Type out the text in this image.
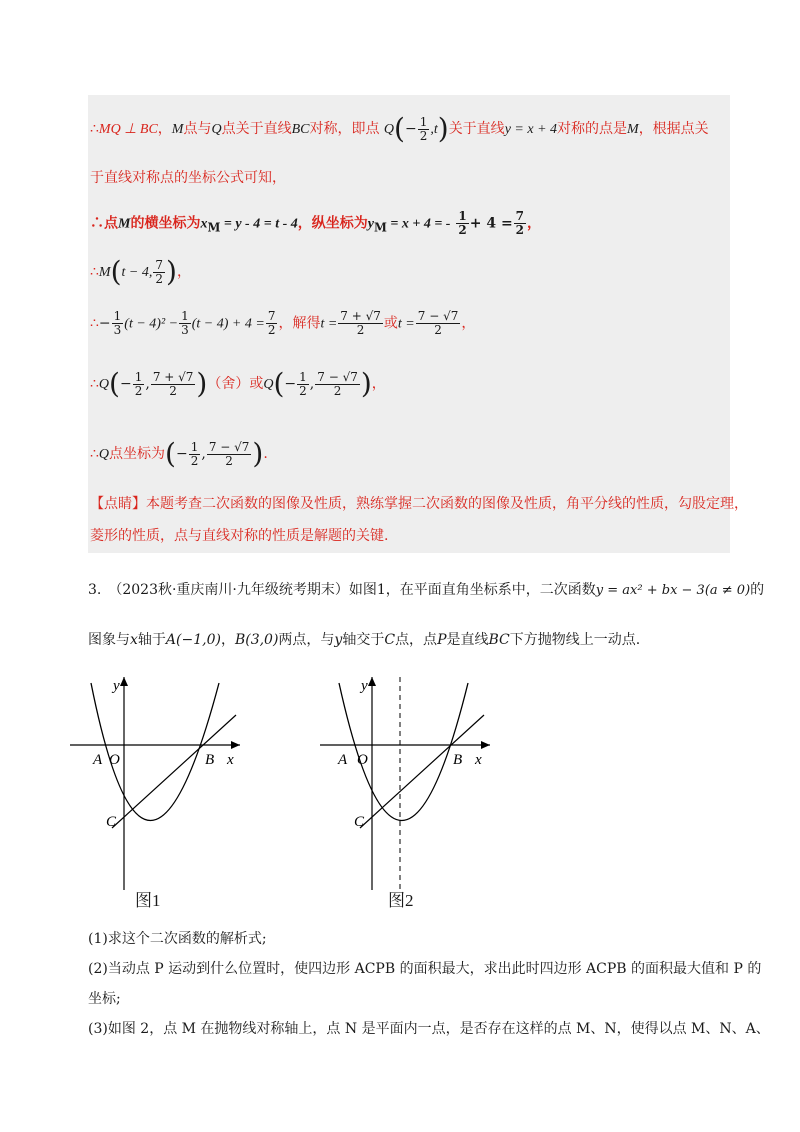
∴MQ ⊥ BC，M点与Q点关于直线BC对称，即点 $Q(- \frac{1}{2} ,t)$关于直线y = x + 4对称的点是M，根据点关
于直线对称点的坐标公式可知，
∴点M的横坐标为$x_M = y - 4 = t - 4$，纵坐标为$y_M = x + 4$ = - $\frac{1}{2} + 4 = \frac{7}{2}$ ，
∴M(t − 4, $\frac{7}{2}$ )，
∴− $\frac{1}{3} (t - 4)^2 - \frac{1}{3} (t - 4) + 4 = \frac{7}{2}$ ，解得$t = \frac{7 + √7}{2}$ 或$t = \frac{7 - √7}{2}$ ，
∴Q(− $\frac{1}{2}$ , $\frac{7 + √7}{2}$ )（舍）或$Q(- \frac{1}{2}$ , $\frac{7 - √7}{2}$ )，
∴Q点坐标为(− $\frac{1}{2}$ , $\frac{7 - √7}{2}$ ).
【点睛】本题考查二次函数的图像及性质，熟练掌握二次函数的图像及性质，角平分线的性质，勾股定理，
菱形的性质，点与直线对称的性质是解题的关键.
3.　（2023秋·重庆南川·九年级统考期末）如图1，在平面直角坐标系中，二次函数y = ax² + bx − 3(a ≠ 0)的
图象与x轴于A(−1,0)，B(3,0)两点，与y轴交于C点，点P是直线BC下方抛物线上一动点.
y
x
A O	B
C
图1
y
x
A O	B
C
图2
(1)求这个二次函数的解析式;
(2)当动点 P 运动到什么位置时，使四边形 ACPB 的面积最大，求出此时四边形 ACPB 的面积最大值和 P 的
坐标;
(3)如图 2，点 M 在抛物线对称轴上，点 N 是平面内一点，是否存在这样的点 M、N，使得以点 M、N、A、
